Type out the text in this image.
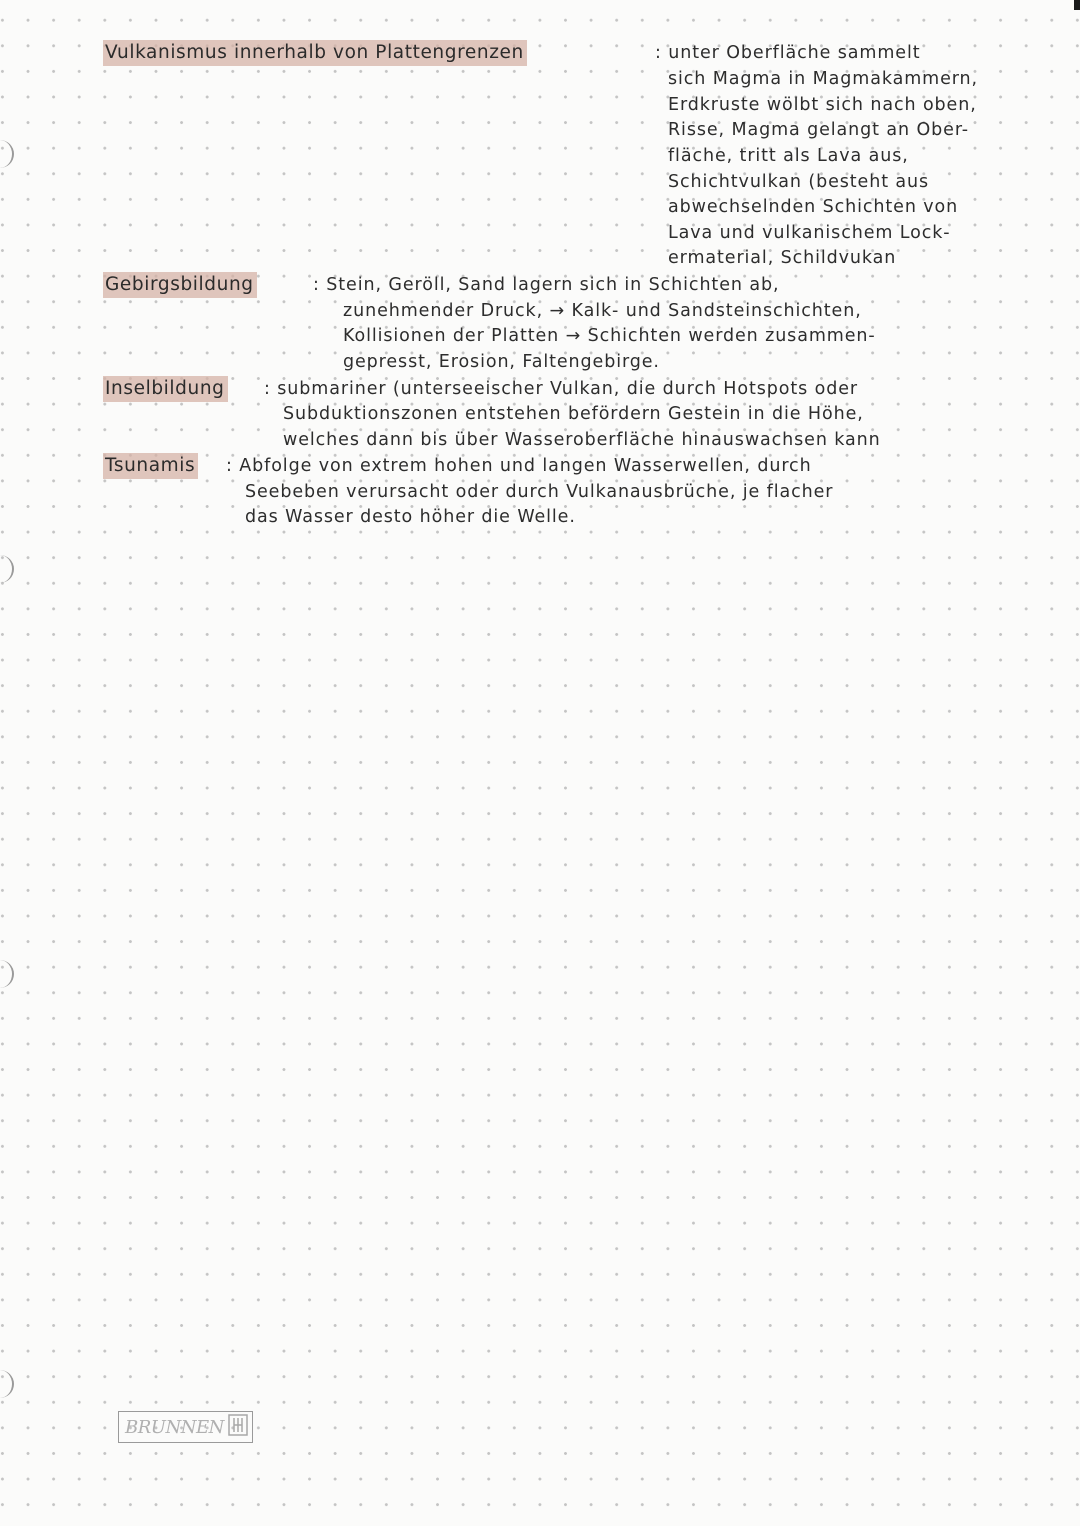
Vulkanismus innerhalb von Plattengrenzen	: unter Oberfläche sammelt
sich Magma in Magmakammern,
Erdkruste wölbt sich nach oben,
Risse, Magma gelangt an Ober-
fläche, tritt als Lava aus,
Schichtvulkan (besteht aus
abwechselnden Schichten von
Lava und vulkanischem Lock-
ermaterial, Schildvukan
Gebirgsbildung	: Stein, Geröll, Sand lagern sich in Schichten ab,
zunehmender Druck, → Kalk- und Sandsteinschichten,
Kollisionen der Platten → Schichten werden zusammen-
gepresst, Erosion, Faltengebirge.
Inselbildung : submariner (unterseeischer Vulkan, die durch Hotspots oder
Subduktionszonen entstehen befördern Gestein in die Höhe,
welches dann bis über Wasseroberfläche hinauswachsen kann
Tsunamis : Abfolge von extrem hohen und langen Wasserwellen, durch
Seebeben verursacht oder durch Vulkanausbrüche, je flacher
das Wasser desto höher die Welle.
BRUNNEN
